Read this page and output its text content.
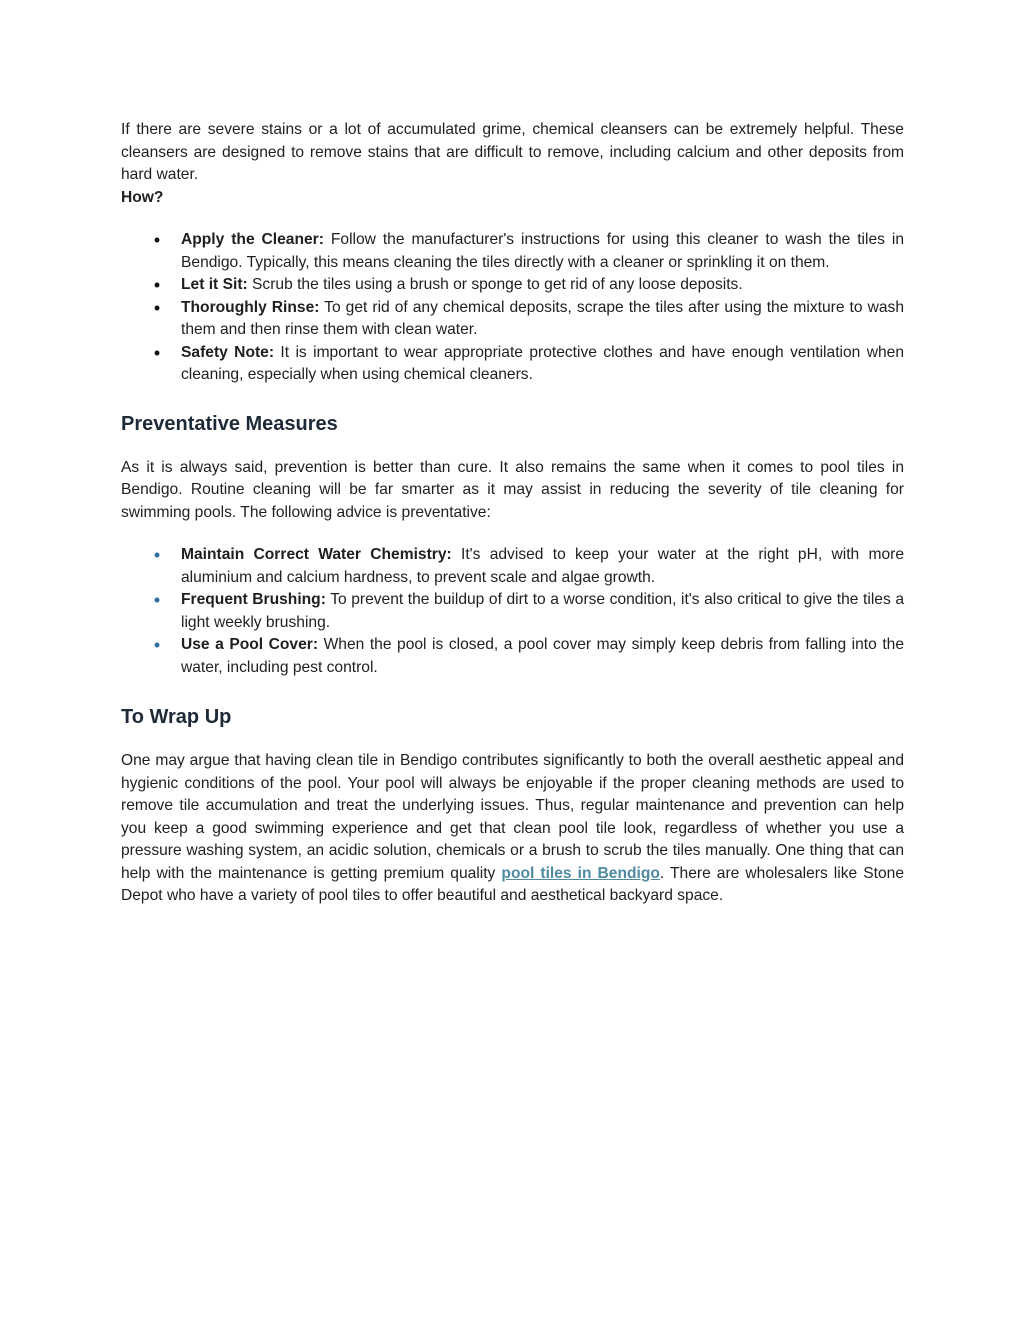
If there are severe stains or a lot of accumulated grime, chemical cleansers can be extremely helpful. These cleansers are designed to remove stains that are difficult to remove, including calcium and other deposits from hard water.

How?
•
Apply the Cleaner: Follow the manufacturer's instructions for using this cleaner to wash the tiles in Bendigo. Typically, this means cleaning the tiles directly with a cleaner or sprinkling it on them.
•
Let it Sit: Scrub the tiles using a brush or sponge to get rid of any loose deposits.
•
Thoroughly Rinse: To get rid of any chemical deposits, scrape the tiles after using the mixture to wash them and then rinse them with clean water.
•
Safety Note: It is important to wear appropriate protective clothes and have enough ventilation when cleaning, especially when using chemical cleaners.
Preventative Measures

As it is always said, prevention is better than cure. It also remains the same when it comes to pool tiles in Bendigo. Routine cleaning will be far smarter as it may assist in reducing the severity of tile cleaning for swimming pools. The following advice is preventative:

•
Maintain Correct Water Chemistry: It's advised to keep your water at the right pH, with more aluminium and calcium hardness, to prevent scale and algae growth.
•
Frequent Brushing: To prevent the buildup of dirt to a worse condition, it's also critical to give the tiles a light weekly brushing.
•
Use a Pool Cover: When the pool is closed, a pool cover may simply keep debris from falling into the water, including pest control.
To Wrap Up

One may argue that having clean tile in Bendigo contributes significantly to both the overall aesthetic appeal and hygienic conditions of the pool. Your pool will always be enjoyable if the proper cleaning methods are used to remove tile accumulation and treat the underlying issues. Thus, regular maintenance and prevention can help you keep a good swimming experience and get that clean pool tile look, regardless of whether you use a pressure washing system, an acidic solution, chemicals or a brush to scrub the tiles manually. One thing that can help with the maintenance is getting premium quality pool tiles in Bendigo. There are wholesalers like Stone Depot who have a variety of pool tiles to offer beautiful and aesthetical backyard space.
